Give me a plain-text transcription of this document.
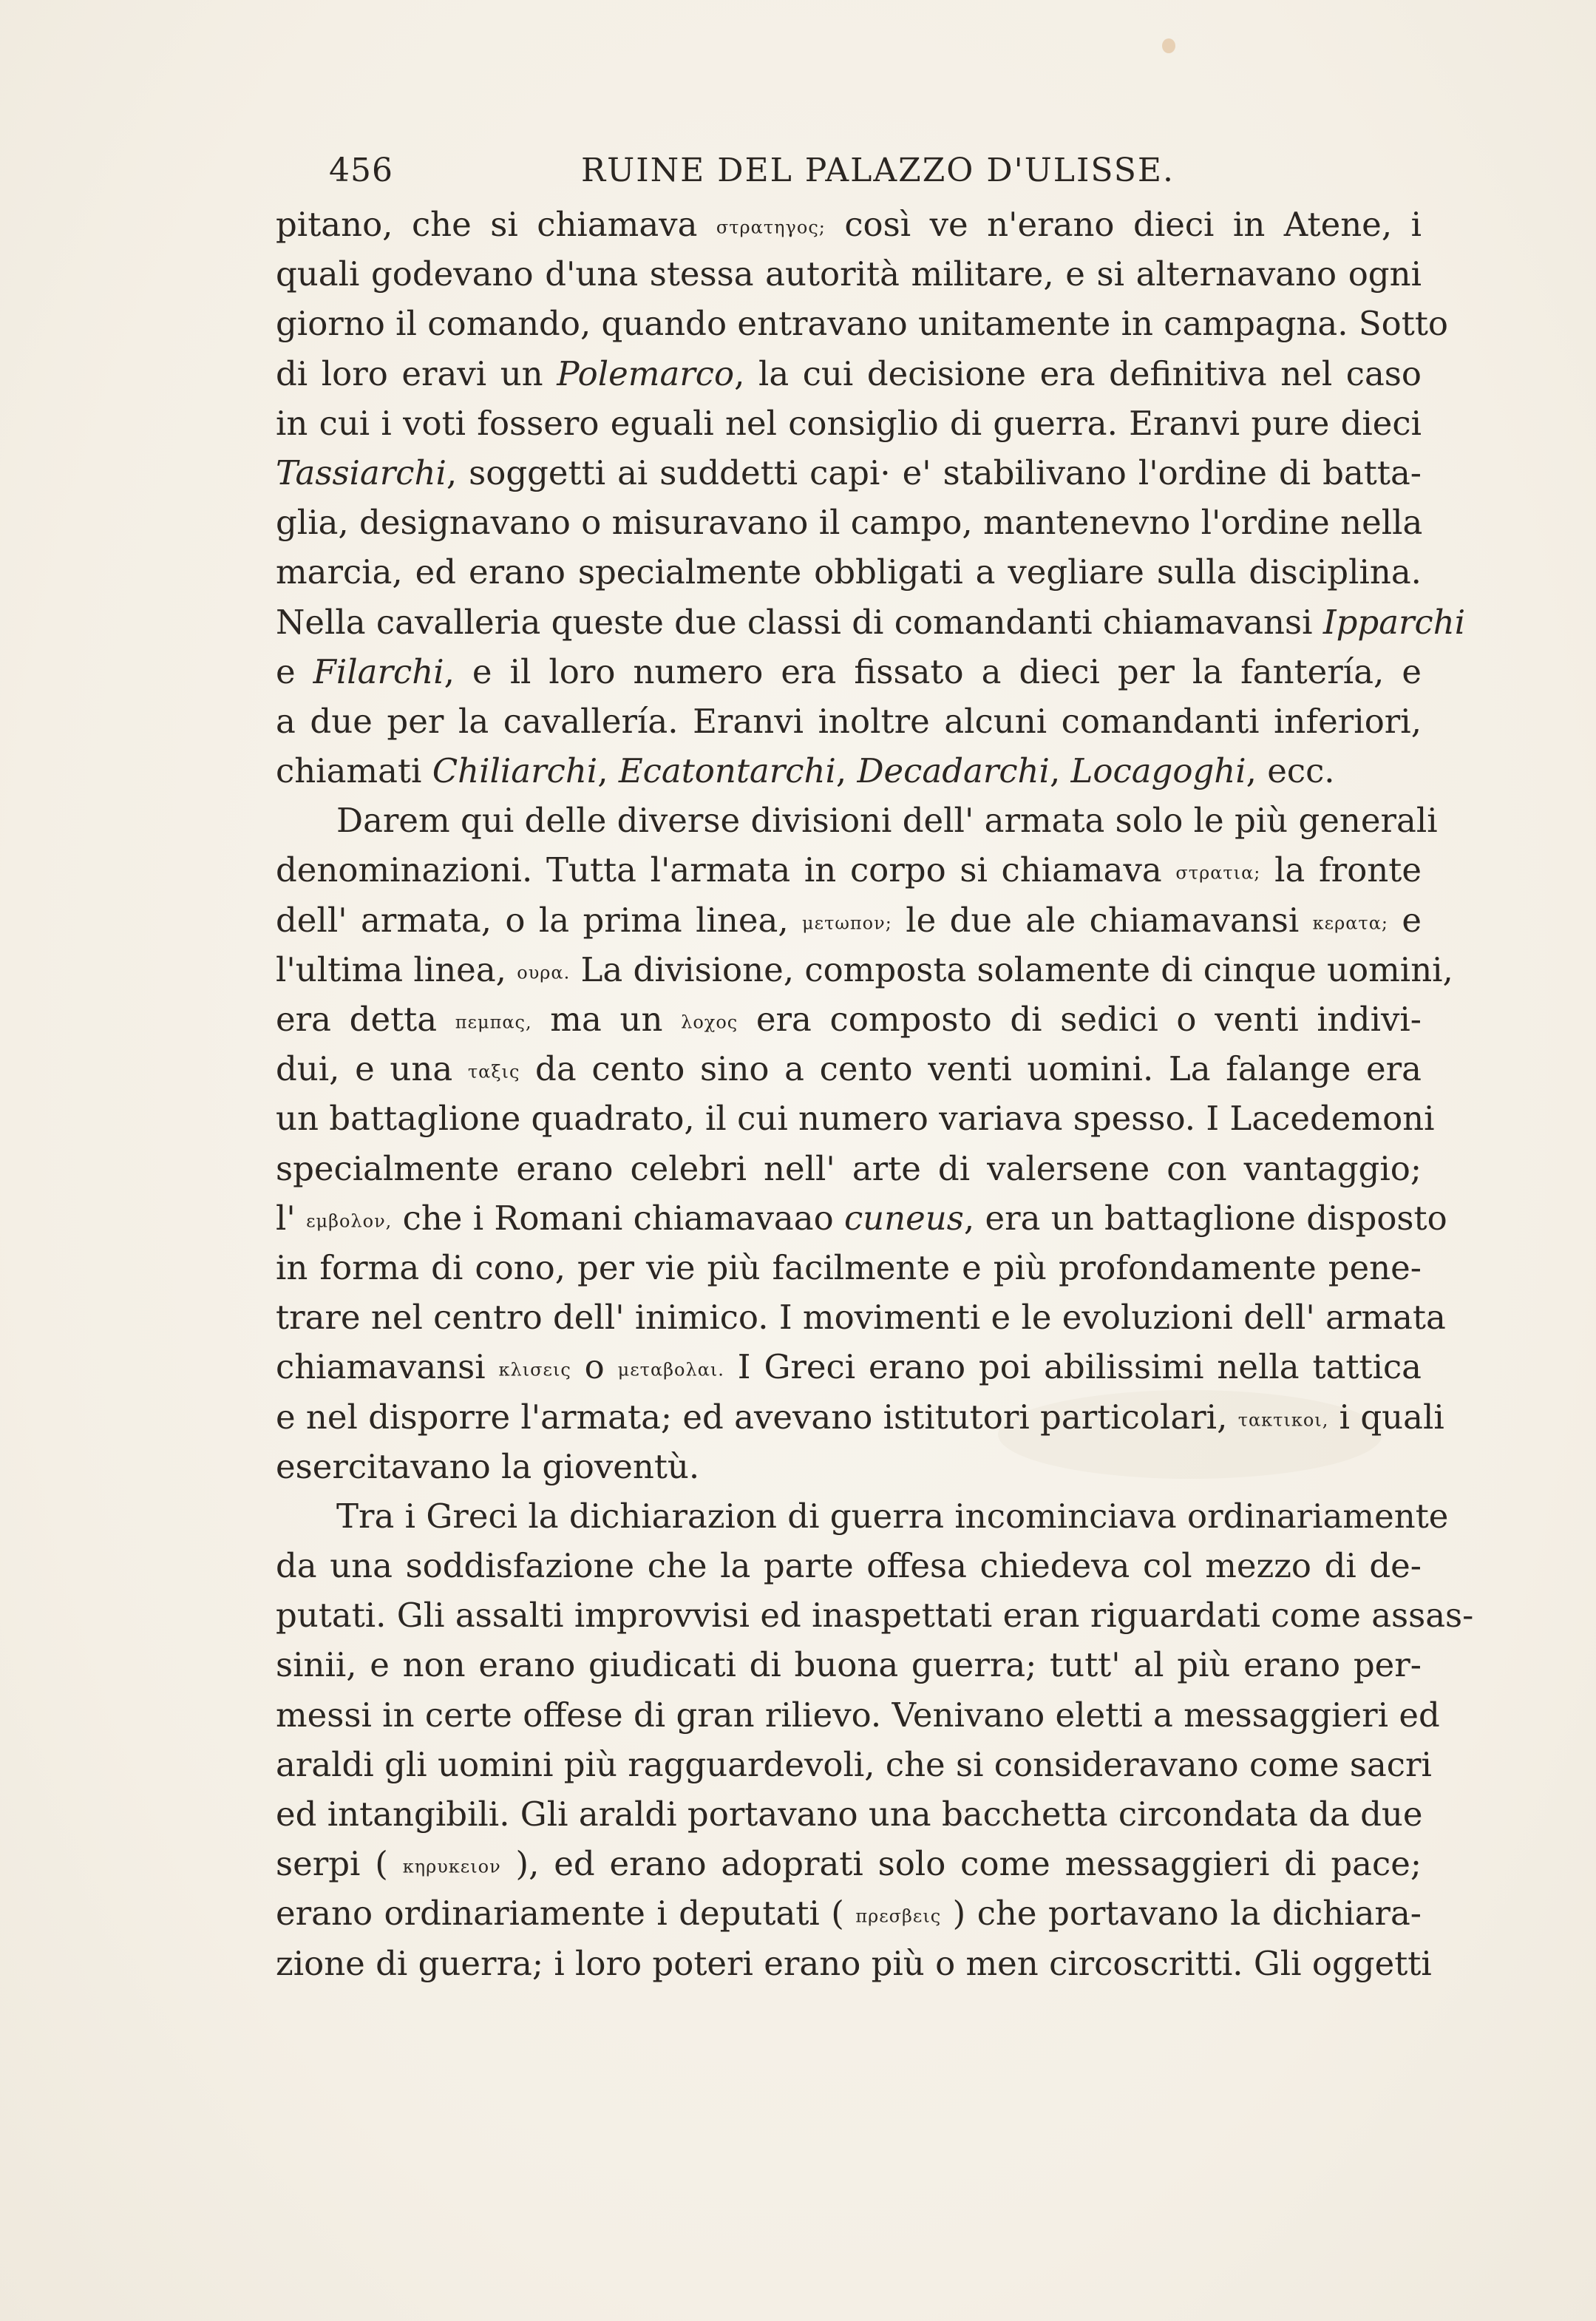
456	RUINE DEL PALAZZO D'ULISSE.
pitano, che si chiamava στρατηγος; così ve n'erano dieci in Atene, i
quali godevano d'una stessa autorità militare, e si alternavano ogni
giorno il comando, quando entravano unitamente in campagna. Sotto
di loro eravi un Polemarco, la cui decisione era definitiva nel caso
in cui i voti fossero eguali nel consiglio di guerra. Eranvi pure dieci
Tassiarchi, soggetti ai suddetti capi· e' stabilivano l'ordine di batta-
glia, designavano o misuravano il campo, mantenevno l'ordine nella
marcia, ed erano specialmente obbligati a vegliare sulla disciplina.
Nella cavalleria queste due classi di comandanti chiamavansi Ipparchi
e Filarchi, e il loro numero era fissato a dieci per la fantería, e
a due per la cavallería. Eranvi inoltre alcuni comandanti inferiori,
chiamati Chiliarchi, Ecatontarchi, Decadarchi, Locagoghi, ecc.
Darem qui delle diverse divisioni dell' armata solo le più generali
denominazioni. Tutta l'armata in corpo si chiamava στρατια; la fronte
dell' armata, o la prima linea, μετωπον; le due ale chiamavansi κερατα; e
l'ultima linea, ουρα. La divisione, composta solamente di cinque uomini,
era detta πεμπας, ma un λοχος era composto di sedici o venti indivi-
dui, e una ταξις da cento sino a cento venti uomini. La falange era
un battaglione quadrato, il cui numero variava spesso. I Lacedemoni
specialmente erano celebri nell' arte di valersene con vantaggio;
l' εμβολον, che i Romani chiamavaao cuneus, era un battaglione disposto
in forma di cono, per vie più facilmente e più profondamente pene-
trare nel centro dell' inimico. I movimenti e le evoluzioni dell' armata
chiamavansi κλισεις o μεταβολαι. I Greci erano poi abilissimi nella tattica
e nel disporre l'armata; ed avevano istitutori particolari, τακτικοι, i quali
esercitavano la gioventù.
Tra i Greci la dichiarazion di guerra incominciava ordinariamente
da una soddisfazione che la parte offesa chiedeva col mezzo di de-
putati. Gli assalti improvvisi ed inaspettati eran riguardati come assas-
sinii, e non erano giudicati di buona guerra; tutt' al più erano per-
messi in certe offese di gran rilievo. Venivano eletti a messaggieri ed
araldi gli uomini più ragguardevoli, che si consideravano come sacri
ed intangibili. Gli araldi portavano una bacchetta circondata da due
serpi ( κηρυκειον ), ed erano adoprati solo come messaggieri di pace;
erano ordinariamente i deputati ( πρεσβεις ) che portavano la dichiara-
zione di guerra; i loro poteri erano più o men circoscritti. Gli oggetti
